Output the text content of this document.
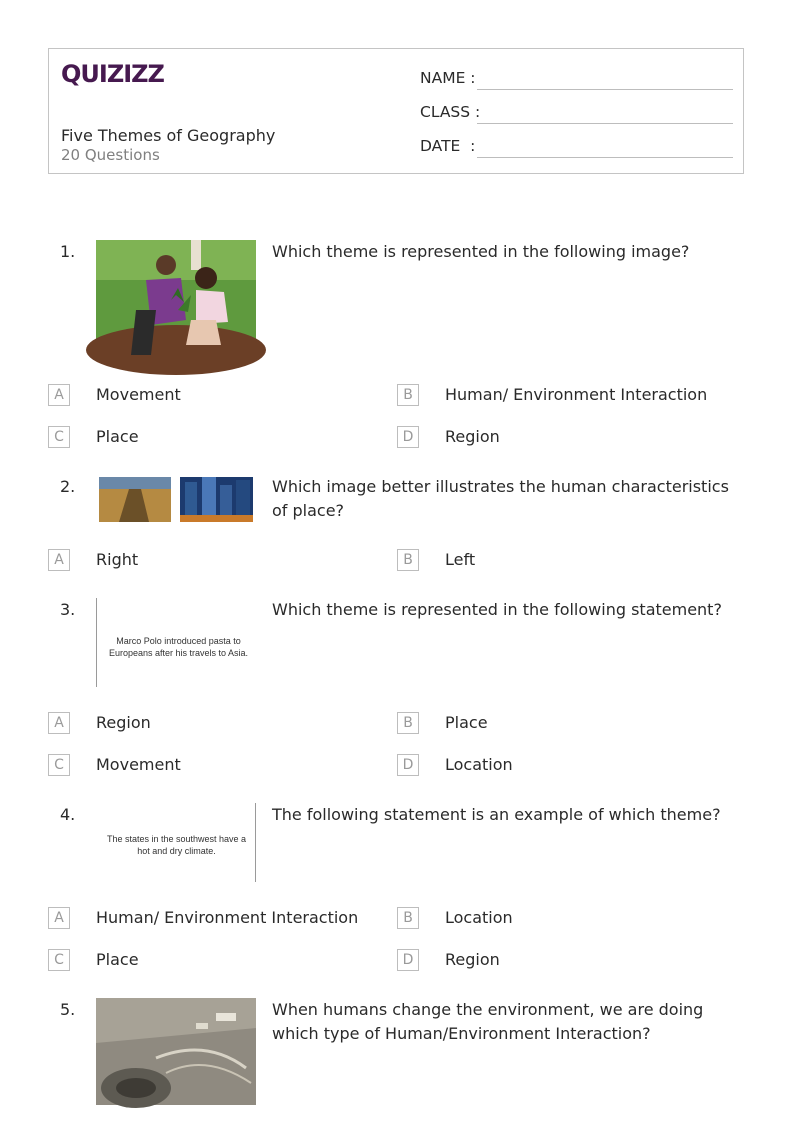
QUIZIZZ
Five Themes of Geography
20 Questions
NAME :
CLASS :
DATE  :
1.	Which theme is represented in the following image?
A	Movement	B	Human/ Environment Interaction
C	Place	D	Region
2.	Which image better illustrates the human characteristics of place?
A	Right	B	Left
3.
Marco Polo introduced pasta to Europeans after his travels to Asia.
Which theme is represented in the following statement?
A	Region	B	Place
C	Movement	D	Location
4.
The states in the southwest have a hot and dry climate.
The following statement is an example of which theme?
A	Human/ Environment Interaction	B	Location
C	Place	D	Region
5.	When humans change the environment, we are doing which type of Human/Environment Interaction?
